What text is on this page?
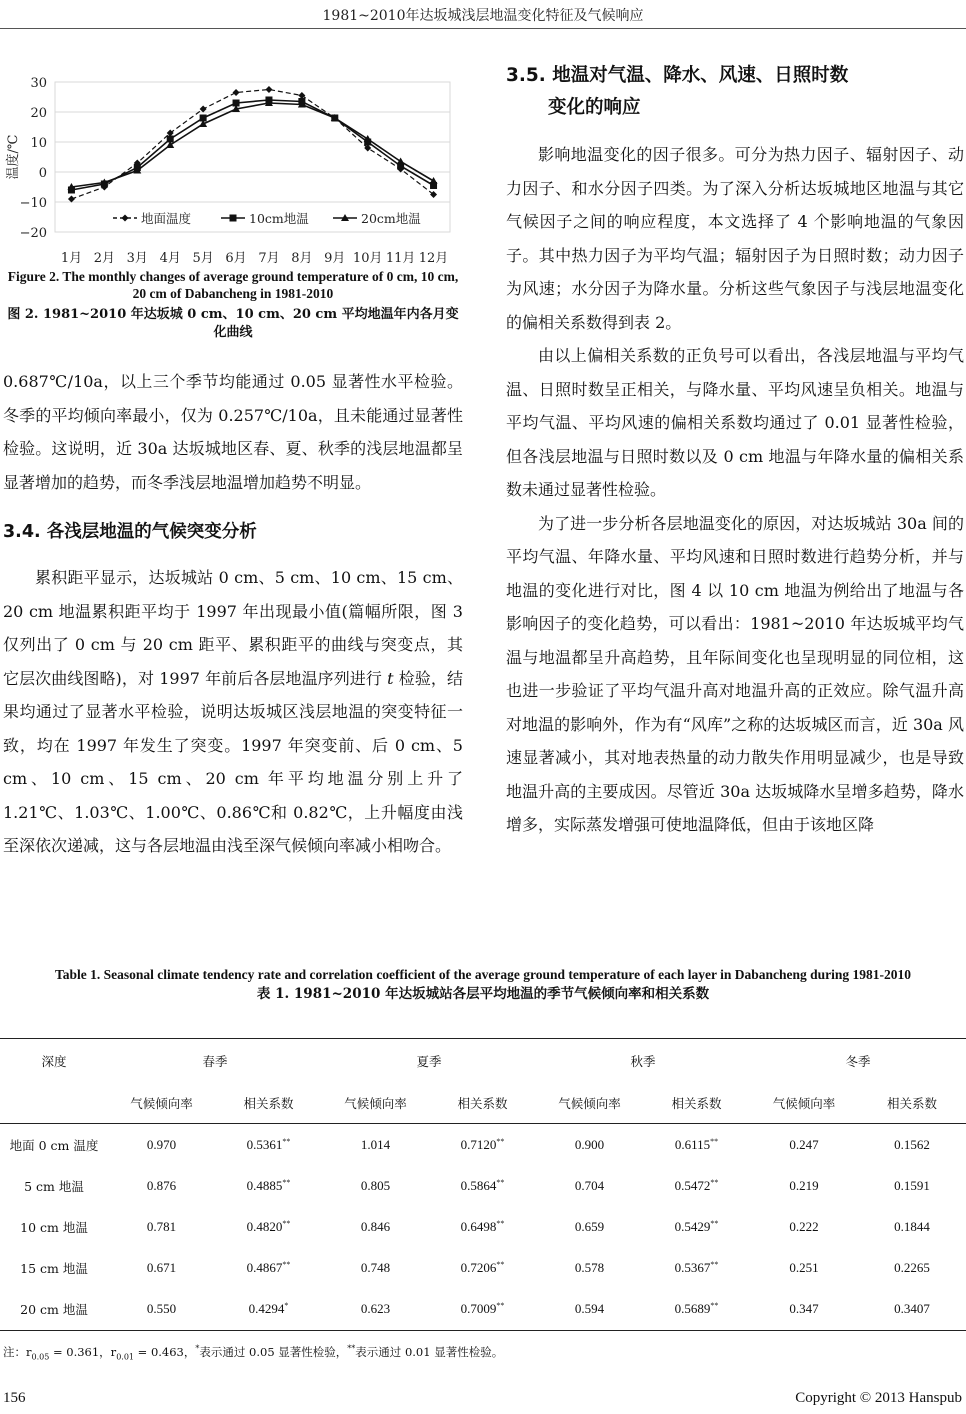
1981~2010年达坂城浅层地温变化特征及气候响应
30
20
10
0
−10
−20
温度/℃
1月 2月 3月 4月 5月 6月 7月 8月 9月 10月 11月 12月
地面温度	10cm地温	20cm地温
Figure 2. The monthly changes of average ground temperature of 0 cm, 10 cm, 20 cm of Dabancheng in 1981-2010
图 2. 1981~2010 年达坂城 0 cm、10 cm、20 cm 平均地温年内各月变化曲线

0.687℃/10a，以上三个季节均能通过 0.05 显著性水平检验。冬季的平均倾向率最小，仅为 0.257℃/10a，且未能通过显著性检验。这说明，近 30a 达坂城地区春、夏、秋季的浅层地温都呈显著增加的趋势，而冬季浅层地温增加趋势不明显。

3.4. 各浅层地温的气候突变分析

累积距平显示，达坂城站 0 cm、5 cm、10 cm、15 cm、20 cm 地温累积距平均于 1997 年出现最小值(篇幅所限，图 3 仅列出了 0 cm 与 20 cm 距平、累积距平的曲线与突变点，其它层次曲线图略)，对 1997 年前后各层地温序列进行 t 检验，结果均通过了显著水平检验，说明达坂城区浅层地温的突变特征一致，均在 1997 年发生了突变。1997 年突变前、后 0 cm、5 cm、10 cm、15 cm、20 cm 年平均地温分别上升了 1.21℃、1.03℃、1.00℃、0.86℃和 0.82℃，上升幅度由浅至深依次递减，这与各层地温由浅至深气候倾向率减小相吻合。

3.5. 地温对气温、降水、风速、日照时数
变化的响应

影响地温变化的因子很多。可分为热力因子、辐射因子、动力因子、和水分因子四类。为了深入分析达坂城地区地温与其它气候因子之间的响应程度，本文选择了 4 个影响地温的气象因子。其中热力因子为平均气温；辐射因子为日照时数；动力因子为风速；水分因子为降水量。分析这些气象因子与浅层地温变化的偏相关系数得到表 2。

由以上偏相关系数的正负号可以看出，各浅层地温与平均气温、日照时数呈正相关，与降水量、平均风速呈负相关。地温与平均气温、平均风速的偏相关系数均通过了 0.01 显著性检验，但各浅层地温与日照时数以及 0 cm 地温与年降水量的偏相关系数未通过显著性检验。

为了进一步分析各层地温变化的原因，对达坂城站 30a 间的平均气温、年降水量、平均风速和日照时数进行趋势分析，并与地温的变化进行对比，图 4 以 10 cm 地温为例给出了地温与各影响因子的变化趋势，可以看出：1981~2010 年达坂城平均气温与地温都呈升高趋势，且年际间变化也呈现明显的同位相，这也进一步验证了平均气温升高对地温升高的正效应。除气温升高对地温的影响外，作为有“风库”之称的达坂城区而言，近 30a 风速显著减小，其对地表热量的动力散失作用明显减少，也是导致地温升高的主要成因。尽管近 30a 达坂城降水呈增多趋势，降水增多，实际蒸发增强可使地温降低，但由于该地区降

Table 1. Seasonal climate tendency rate and correlation coefficient of the average ground temperature of each layer in Dabancheng during 1981-2010
表 1. 1981~2010 年达坂城站各层平均地温的季节气候倾向率和相关系数
深度	春季		夏季		秋季		冬季	
	气候倾向率	相关系数	气候倾向率	相关系数	气候倾向率	相关系数	气候倾向率	相关系数
地面 0 cm 温度	0.970	0.5361**	1.014	0.7120**	0.900	0.6115**	0.247	0.1562
5 cm 地温	0.876	0.4885**	0.805	0.5864**	0.704	0.5472**	0.219	0.1591
10 cm 地温	0.781	0.4820**	0.846	0.6498**	0.659	0.5429**	0.222	0.1844
15 cm 地温	0.671	0.4867**	0.748	0.7206**	0.578	0.5367**	0.251	0.2265
20 cm 地温	0.550	0.4294*	0.623	0.7009**	0.594	0.5689**	0.347	0.3407
注：$r_{0.05} = 0.361$，$r_{0.01} = 0.463$，*表示通过 0.05 显著性检验，**表示通过 0.01 显著性检验。
156	Copyright © 2013 Hanspub
